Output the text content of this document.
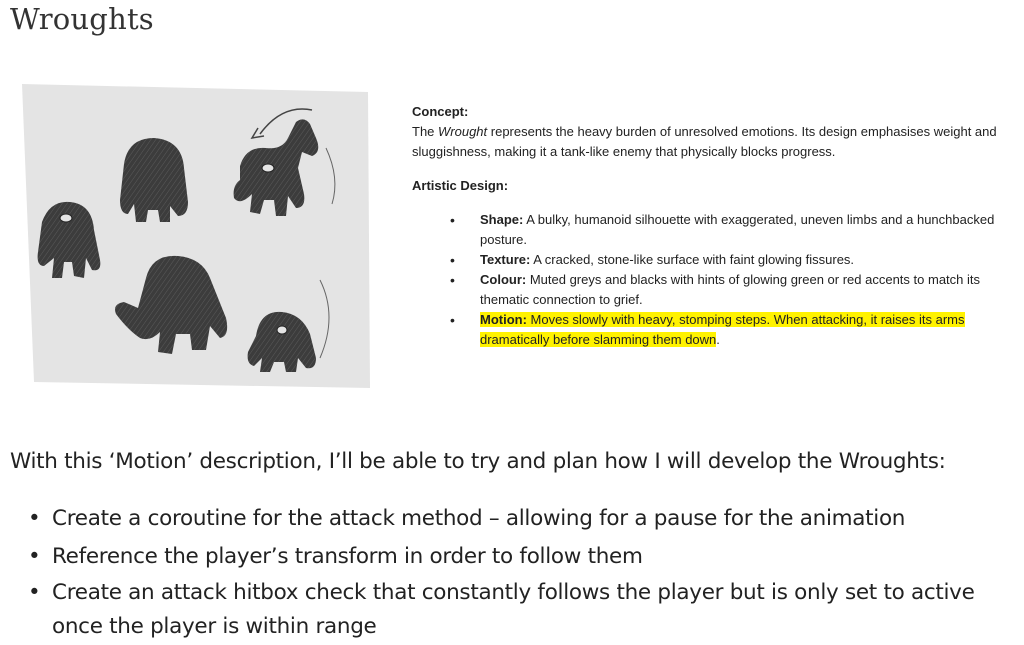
Wroughts

Concept:

The Wrought represents the heavy burden of unresolved emotions. Its design emphasises weight and sluggishness, making it a tank-like enemy that physically blocks progress.

Artistic Design:

• Shape: A bulky, humanoid silhouette with exaggerated, uneven limbs and a hunchbacked posture.
• Texture: A cracked, stone-like surface with faint glowing fissures.
• Colour: Muted greys and blacks with hints of glowing green or red accents to match its thematic connection to grief.
• Motion: Moves slowly with heavy, stomping steps. When attacking, it raises its arms dramatically before slamming them down.

With this ‘Motion’ description, I’ll be able to try and plan how I will develop the Wroughts:

• Create a coroutine for the attack method – allowing for a pause for the animation
• Reference the player’s transform in order to follow them
• Create an attack hitbox check that constantly follows the player but is only set to active once the player is within range
